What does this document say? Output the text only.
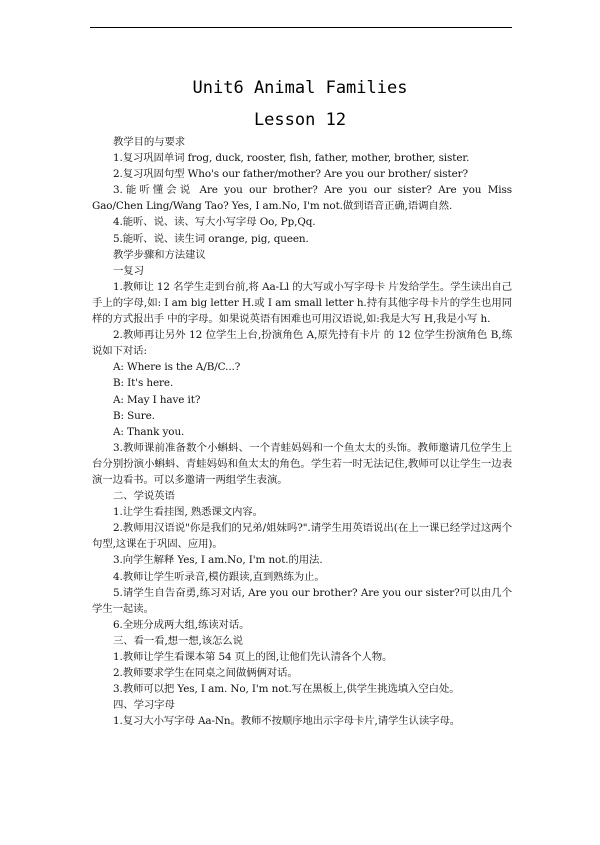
Unit6 Animal Families
Lesson 12

教学目的与要求

1.复习巩固单词 frog, duck, rooster, fish, father, mother, brother, sister.

2.复习巩固句型 Who's our father/mother? Are you our brother/ sister?

3.能听懂会说 Are you our brother? Are you our sister? Are you Miss Gao/Chen Ling/Wang Tao? Yes, I am.No, I'm not.做到语音正确,语调自然.

4.能听、说、读、写大小写字母 Oo, Pp,Qq.

5.能听、说、读生词 orange, pig, queen.

教学步骤和方法建议

一复习

1.教师让 12 名学生走到台前,将 Aa-Ll 的大写或小写字母卡 片发给学生。学生读出自己手上的字母,如: I am big letter H.或 I am small letter h.持有其他字母卡片的学生也用同样的方式报出手 中的字母。如果说英语有困难也可用汉语说,如:我是大写 H,我是小写 h.

2.教师再让另外 12 位学生上台,扮演角色 A,原先持有卡片 的 12 位学生扮演角色 B,练说如下对话:

A: Where is the A/B/C...?

B: It's here.

A: May I have it?

B: Sure.

A: Thank you.

3.教师课前准备数个小蝌蚪、一个青蛙妈妈和一个鱼太太的头饰。教师邀请几位学生上台分别扮演小蝌蚪、青蛙妈妈和鱼太太的角色。学生若一时无法记住,教师可以让学生一边表演一边看书。可以多邀请一两组学生表演。

二、学说英语

1.让学生看挂图, 熟悉课文内容。

2.教师用汉语说"你是我们的兄弟/姐妹吗?".请学生用英语说出(在上一课已经学过这两个句型,这课在于巩固、应用)。

3.向学生解释 Yes, I am.No, I'm not.的用法.

4.教师让学生听录音,模仿跟读,直到熟练为止。

5.请学生自告奋勇,练习对话, Are you our brother? Are you our sister?可以由几个学生一起读。

6.全班分成两大组,练读对话。

三、看一看,想一想,该怎么说

1.教师让学生看课本第 54 页上的图,让他们先认清各个人物。

2.教师要求学生在同桌之间做俩俩对话。

3.教师可以把 Yes, I am. No, I'm not.写在黑板上,供学生挑选填入空白处。

四、学习字母

1.复习大小写字母 Aa-Nn。教师不按顺序地出示字母卡片,请学生认读字母。
